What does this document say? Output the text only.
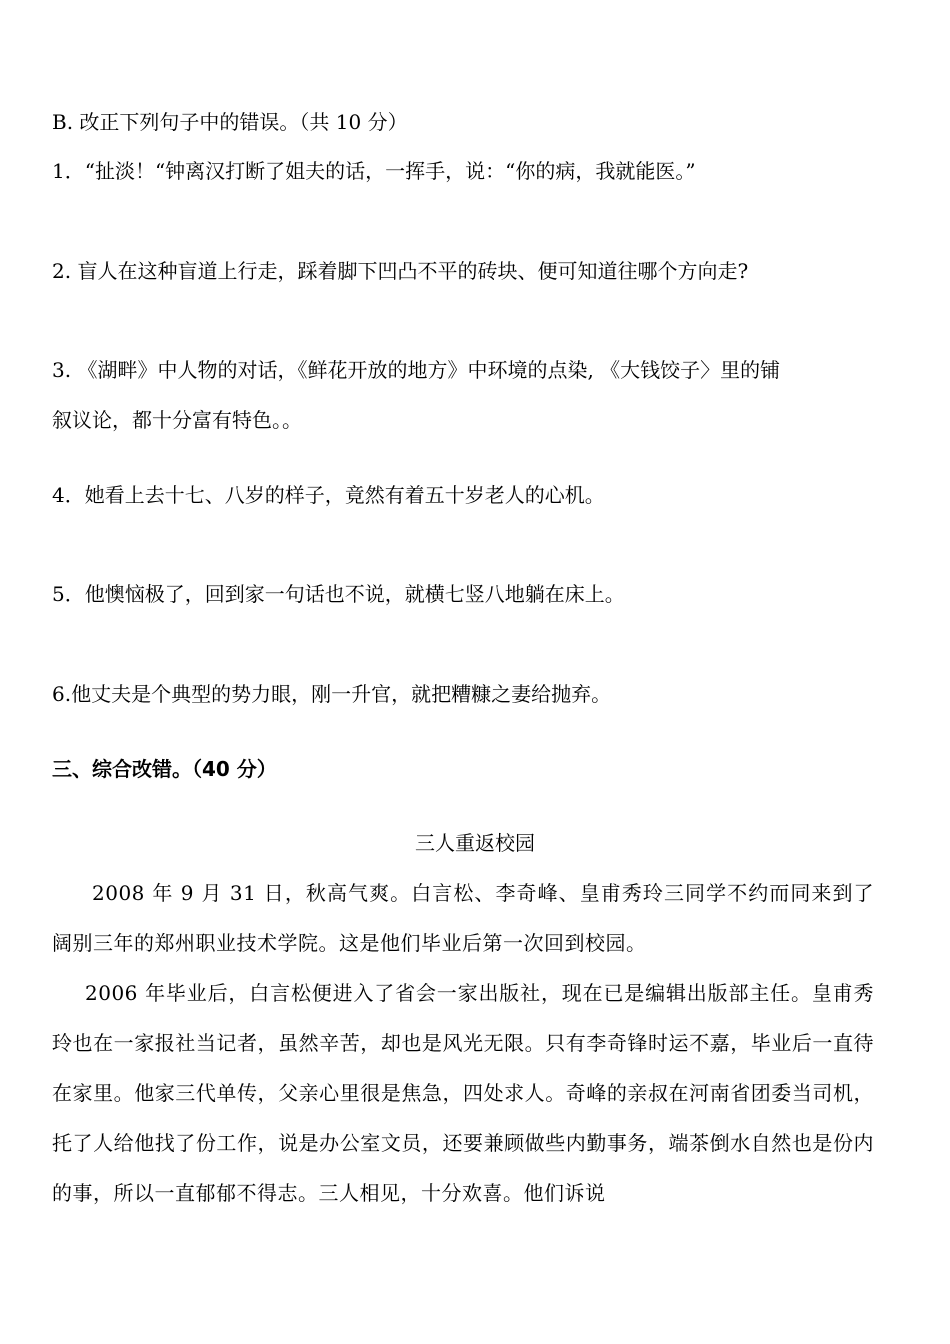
B. 改正下列句子中的错误。（共 10 分）
1．“扯淡！“钟离汉打断了姐夫的话，一挥手，说：“你的病，我就能医。”
2. 盲人在这种盲道上行走，踩着脚下凹凸不平的砖块、便可知道往哪个方向走?
3. 《湖畔》中人物的对话，《鲜花开放的地方》中环境的点染, 《大钱饺子〉里的铺
叙议论，都十分富有特色。。
4．她看上去十七、八岁的样子，竟然有着五十岁老人的心机。
5．他懊恼极了，回到家一句话也不说，就横七竖八地躺在床上。
6.他丈夫是个典型的势力眼，刚一升官，就把糟糠之妻给抛弃。
三、综合改错。（40 分）
三人重返校园
2008 年 9 月 31 日，秋高气爽。白言松、李奇峰、皇甫秀玲三同学不约而同来到了阔别三年的郑州职业技术学院。这是他们毕业后第一次回到校园。
2006 年毕业后，白言松便进入了省会一家出版社，现在已是编辑出版部主任。皇甫秀玲也在一家报社当记者，虽然辛苦，却也是风光无限。只有李奇锋时运不嘉，毕业后一直待在家里。他家三代单传，父亲心里很是焦急，四处求人。奇峰的亲叔在河南省团委当司机，托了人给他找了份工作，说是办公室文员，还要兼顾做些内勤事务，端茶倒水自然也是份内的事，所以一直郁郁不得志。三人相见，十分欢喜。他们诉说
